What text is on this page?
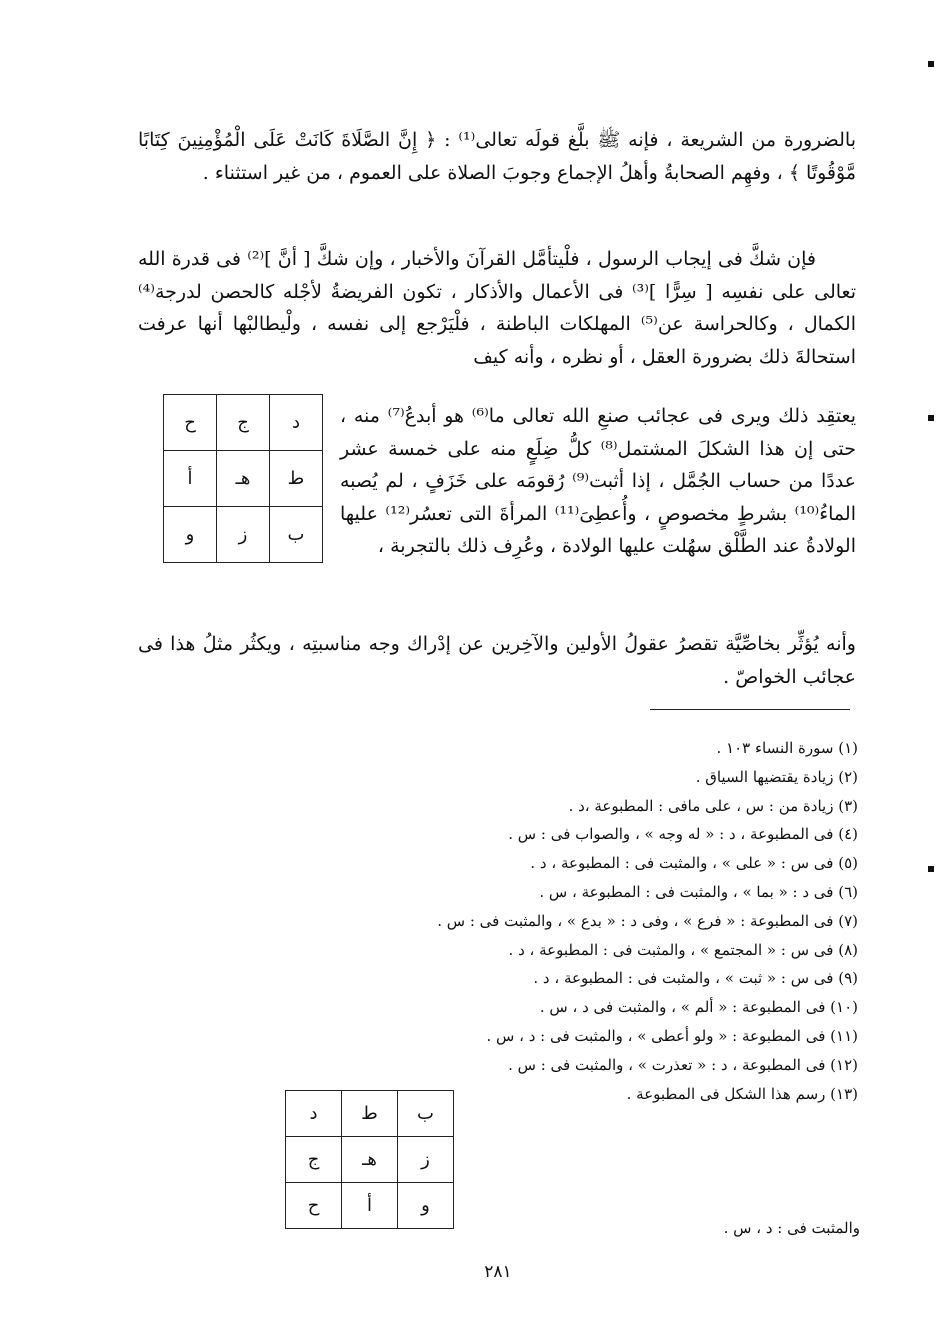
بالضرورة من الشريعة ، فإنه ﷺ بلَّغ قولَه تعالى⁽¹⁾ : ﴿ إِنَّ الصَّلَاةَ كَانَتْ عَلَى الْمُؤْمِنِينَ كِتَابًا مَّوْقُوتًا ﴾ ، وفهِم الصحابةُ وأهلُ الإجماع وجوبَ الصلاة على العموم ، من غير استثناء .

فإن شكَّ فى إيجاب الرسول ، فلْيتأمَّل القرآنَ والأخبار ، وإن شكَّ [ أنَّ ]⁽²⁾ فى قدرة الله تعالى على نفسِه [ سِرًّا ]⁽³⁾ فى الأعمال والأذكار ، تكون الفريضةُ لأجْله كالحصن لدرجة⁽⁴⁾ الكمال ، وكالحراسة عن⁽⁵⁾ المهلكات الباطنة ، فلْيَرْجع إلى نفسه ، ولْيطالبْها أنها عرفت استحالةَ ذلك بضرورة العقل ، أو نظره ، وأنه كيف

يعتقِد ذلك ويرى فى عجائب صنعِ الله تعالى ما⁽⁶⁾ هو أبدعُ⁽⁷⁾ منه ، حتى إن هذا الشكلَ المشتمل⁽⁸⁾ كلُّ ضِلَعٍ منه على خمسة عشر عددًا من حساب الجُمَّل ، إذا أثبت⁽⁹⁾ رُقومَه على خَزَفٍ ، لم يُصبه الماءُ⁽¹⁰⁾ بشرطٍ مخصوصٍ ، وأُعطِىَ⁽¹¹⁾ المرأةَ التى تعسُر⁽¹²⁾ عليها الولادةُ عند الطَّلْق سهُلت عليها الولادة ، وعُرِف ذلك بالتجربة ،

ح	ج	د
أ	هـ	ط
و	ز	ب

وأنه يُؤثِّر بخاصِّيَّة تقصرُ عقولُ الأولين والآخِرين عن إدْراك وجه مناسبتِه ، ويكثُر مثلُ هذا فى عجائب الخواصّ .

(١) سورة النساء ١٠٣ .
(٢) زيادة يقتضيها السياق .
(٣) زيادة من : س ، على مافى : المطبوعة ،د .
(٤) فى المطبوعة ، د : « له وجه » ، والصواب فى : س .
(٥) فى س : « على » ، والمثبت فى : المطبوعة ، د .
(٦) فى د : « بما » ، والمثبت فى : المطبوعة ، س .
(٧) فى المطبوعة : « فرع » ، وفى د : « بدع » ، والمثبت فى : س .
(٨) فى س : « المجتمع » ، والمثبت فى : المطبوعة ، د .
(٩) فى س : « ثبت » ، والمثبت فى : المطبوعة ، د .
(١٠) فى المطبوعة : « ألم » ، والمثبت فى د ، س .
(١١) فى المطبوعة : « ولو أعطى » ، والمثبت فى : د ، س .
(١٢) فى المطبوعة ، د : « تعذرت » ، والمثبت فى : س .
(١٣) رسم هذا الشكل فى المطبوعة .
د	ط	ب
ج	هـ	ز
ح	أ	و
والمثبت فى : د ، س .
٢٨١
